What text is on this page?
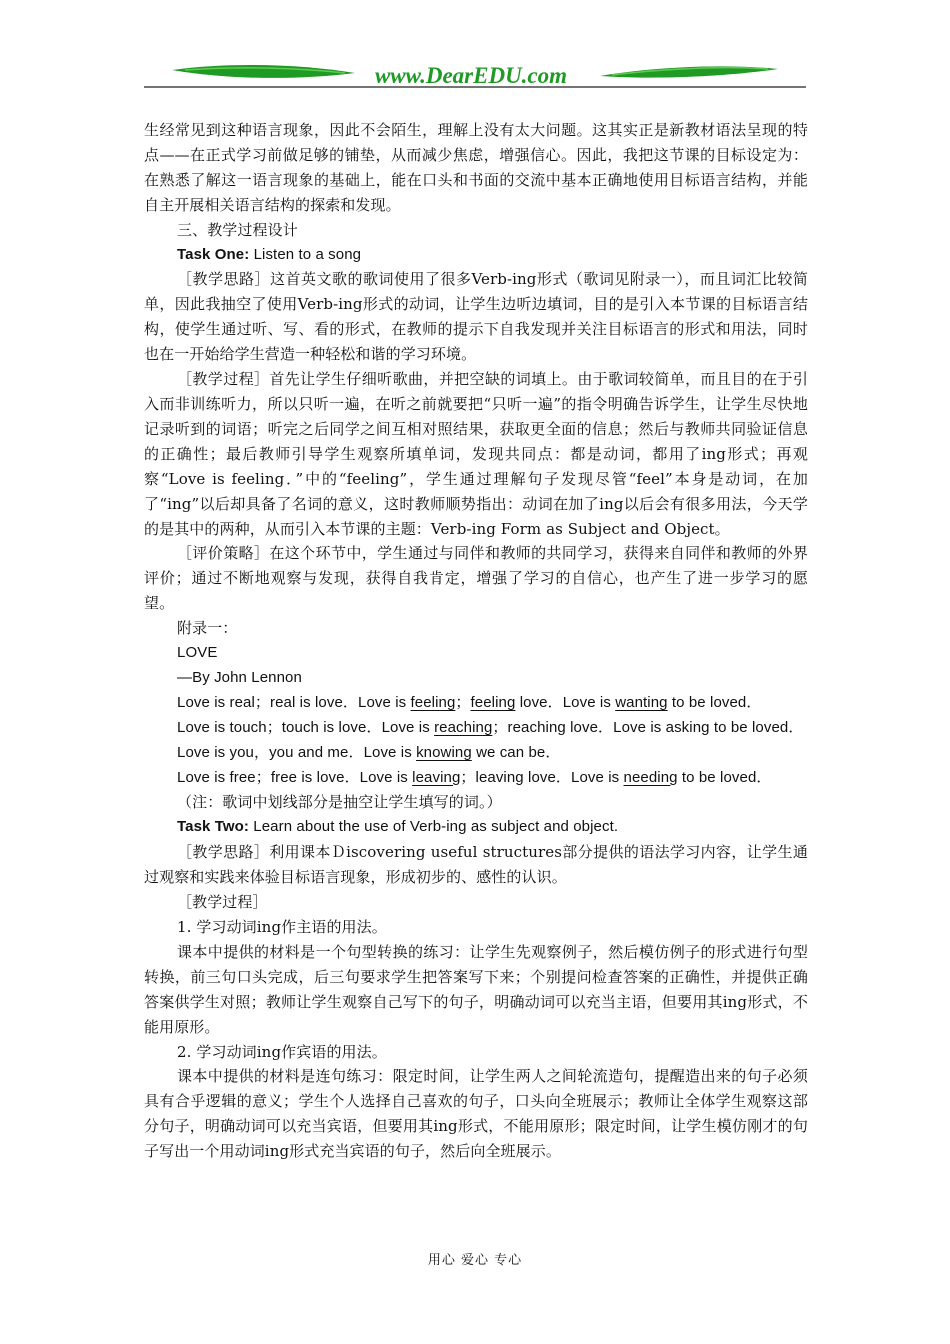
www.DearEDU.com

生经常见到这种语言现象，因此不会陌生，理解上没有太大问题。这其实正是新教材语法呈现的特点——在正式学习前做足够的铺垫，从而减少焦虑，增强信心。因此，我把这节课的目标设定为：在熟悉了解这一语言现象的基础上，能在口头和书面的交流中基本正确地使用目标语言结构，并能自主开展相关语言结构的探索和发现。

三、教学过程设计

Task One: Listen to a song

［教学思路］这首英文歌的歌词使用了很多Verb-ing形式（歌词见附录一），而且词汇比较简单，因此我抽空了使用Verb-ing形式的动词，让学生边听边填词，目的是引入本节课的目标语言结构，使学生通过听、写、看的形式，在教师的提示下自我发现并关注目标语言的形式和用法，同时也在一开始给学生营造一种轻松和谐的学习环境。

［教学过程］首先让学生仔细听歌曲，并把空缺的词填上。由于歌词较简单，而且目的在于引入而非训练听力，所以只听一遍，在听之前就要把“只听一遍”的指令明确告诉学生，让学生尽快地记录听到的词语；听完之后同学之间互相对照结果，获取更全面的信息；然后与教师共同验证信息的正确性；最后教师引导学生观察所填单词，发现共同点：都是动词，都用了ing形式；再观察“Love is feeling．”中的“feeling”，学生通过理解句子发现尽管“feel”本身是动词，在加了“ing”以后却具备了名词的意义，这时教师顺势指出：动词在加了ing以后会有很多用法，今天学的是其中的两种，从而引入本节课的主题：Verb-ing Form as Subject and Object。

［评价策略］在这个环节中，学生通过与同伴和教师的共同学习，获得来自同伴和教师的外界评价；通过不断地观察与发现，获得自我肯定，增强了学习的自信心，也产生了进一步学习的愿望。

附录一：

LOVE

—By John Lennon

Love is real；real is love．Love is feeling；feeling love．Love is wanting to be loved．

Love is touch；touch is love．Love is reaching；reaching love．Love is asking to be loved．

Love is you，you and me．Love is knowing we can be．

Love is free；free is love．Love is leaving；leaving love．Love is needing to be loved．

（注：歌词中划线部分是抽空让学生填写的词。）

Task Two: Learn about the use of Verb-ing as subject and object.

［教学思路］利用课本Ｄiscovering useful structures部分提供的语法学习内容，让学生通过观察和实践来体验目标语言现象，形成初步的、感性的认识。

［教学过程］

1. 学习动词ing作主语的用法。

课本中提供的材料是一个句型转换的练习：让学生先观察例子，然后模仿例子的形式进行句型转换，前三句口头完成，后三句要求学生把答案写下来；个别提问检查答案的正确性，并提供正确答案供学生对照；教师让学生观察自己写下的句子，明确动词可以充当主语，但要用其ing形式，不能用原形。

2. 学习动词ing作宾语的用法。

课本中提供的材料是连句练习：限定时间，让学生两人之间轮流造句，提醒造出来的句子必须具有合乎逻辑的意义；学生个人选择自己喜欢的句子，口头向全班展示；教师让全体学生观察这部分句子，明确动词可以充当宾语，但要用其ing形式，不能用原形；限定时间，让学生模仿刚才的句子写出一个用动词ing形式充当宾语的句子，然后向全班展示。

用心 爱心 专心
